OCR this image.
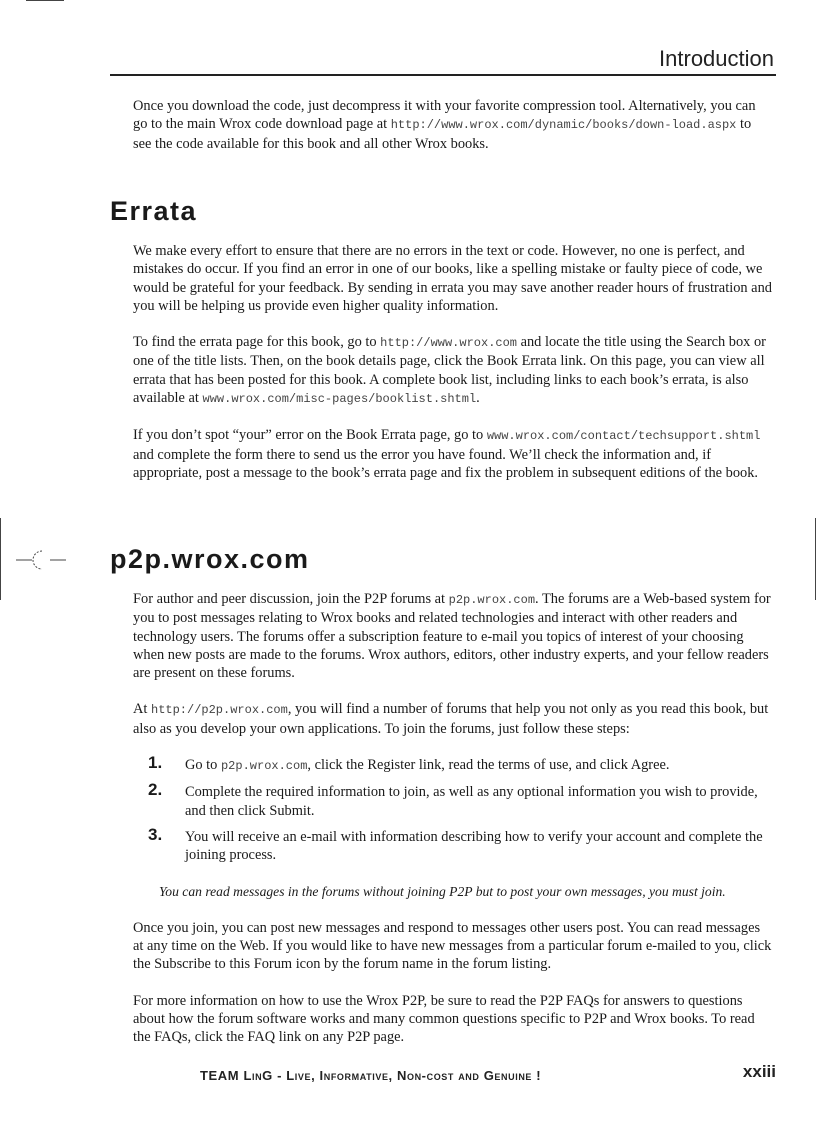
Introduction

Once you download the code, just decompress it with your favorite compression tool. Alternatively, you can go to the main Wrox code download page at http://www.wrox.com/dynamic/books/down-load.aspx to see the code available for this book and all other Wrox books.

Errata

We make every effort to ensure that there are no errors in the text or code. However, no one is perfect, and mistakes do occur. If you find an error in one of our books, like a spelling mistake or faulty piece of code, we would be grateful for your feedback. By sending in errata you may save another reader hours of frustration and you will be helping us provide even higher quality information.

To find the errata page for this book, go to http://www.wrox.com and locate the title using the Search box or one of the title lists. Then, on the book details page, click the Book Errata link. On this page, you can view all errata that has been posted for this book. A complete book list, including links to each book’s errata, is also available at www.wrox.com/misc-pages/booklist.shtml.

If you don’t spot “your” error on the Book Errata page, go to www.wrox.com/contact/techsupport.shtml and complete the form there to send us the error you have found. We’ll check the information and, if appropriate, post a message to the book’s errata page and fix the problem in subsequent editions of the book.

p2p.wrox.com

For author and peer discussion, join the P2P forums at p2p.wrox.com. The forums are a Web-based system for you to post messages relating to Wrox books and related technologies and interact with other readers and technology users. The forums offer a subscription feature to e-mail you topics of interest of your choosing when new posts are made to the forums. Wrox authors, editors, other industry experts, and your fellow readers are present on these forums.

At http://p2p.wrox.com, you will find a number of forums that help you not only as you read this book, but also as you develop your own applications. To join the forums, just follow these steps:

1. Go to p2p.wrox.com, click the Register link, read the terms of use, and click Agree.
2. Complete the required information to join, as well as any optional information you wish to provide, and then click Submit.
3. You will receive an e-mail with information describing how to verify your account and complete the joining process.

You can read messages in the forums without joining P2P but to post your own messages, you must join.

Once you join, you can post new messages and respond to messages other users post. You can read messages at any time on the Web. If you would like to have new messages from a particular forum e-mailed to you, click the Subscribe to this Forum icon by the forum name in the forum listing.

For more information on how to use the Wrox P2P, be sure to read the P2P FAQs for answers to questions about how the forum software works and many common questions specific to P2P and Wrox books. To read the FAQs, click the FAQ link on any P2P page.

TEAM LinG - Live, Informative, Non-cost and Genuine !	xxiii
